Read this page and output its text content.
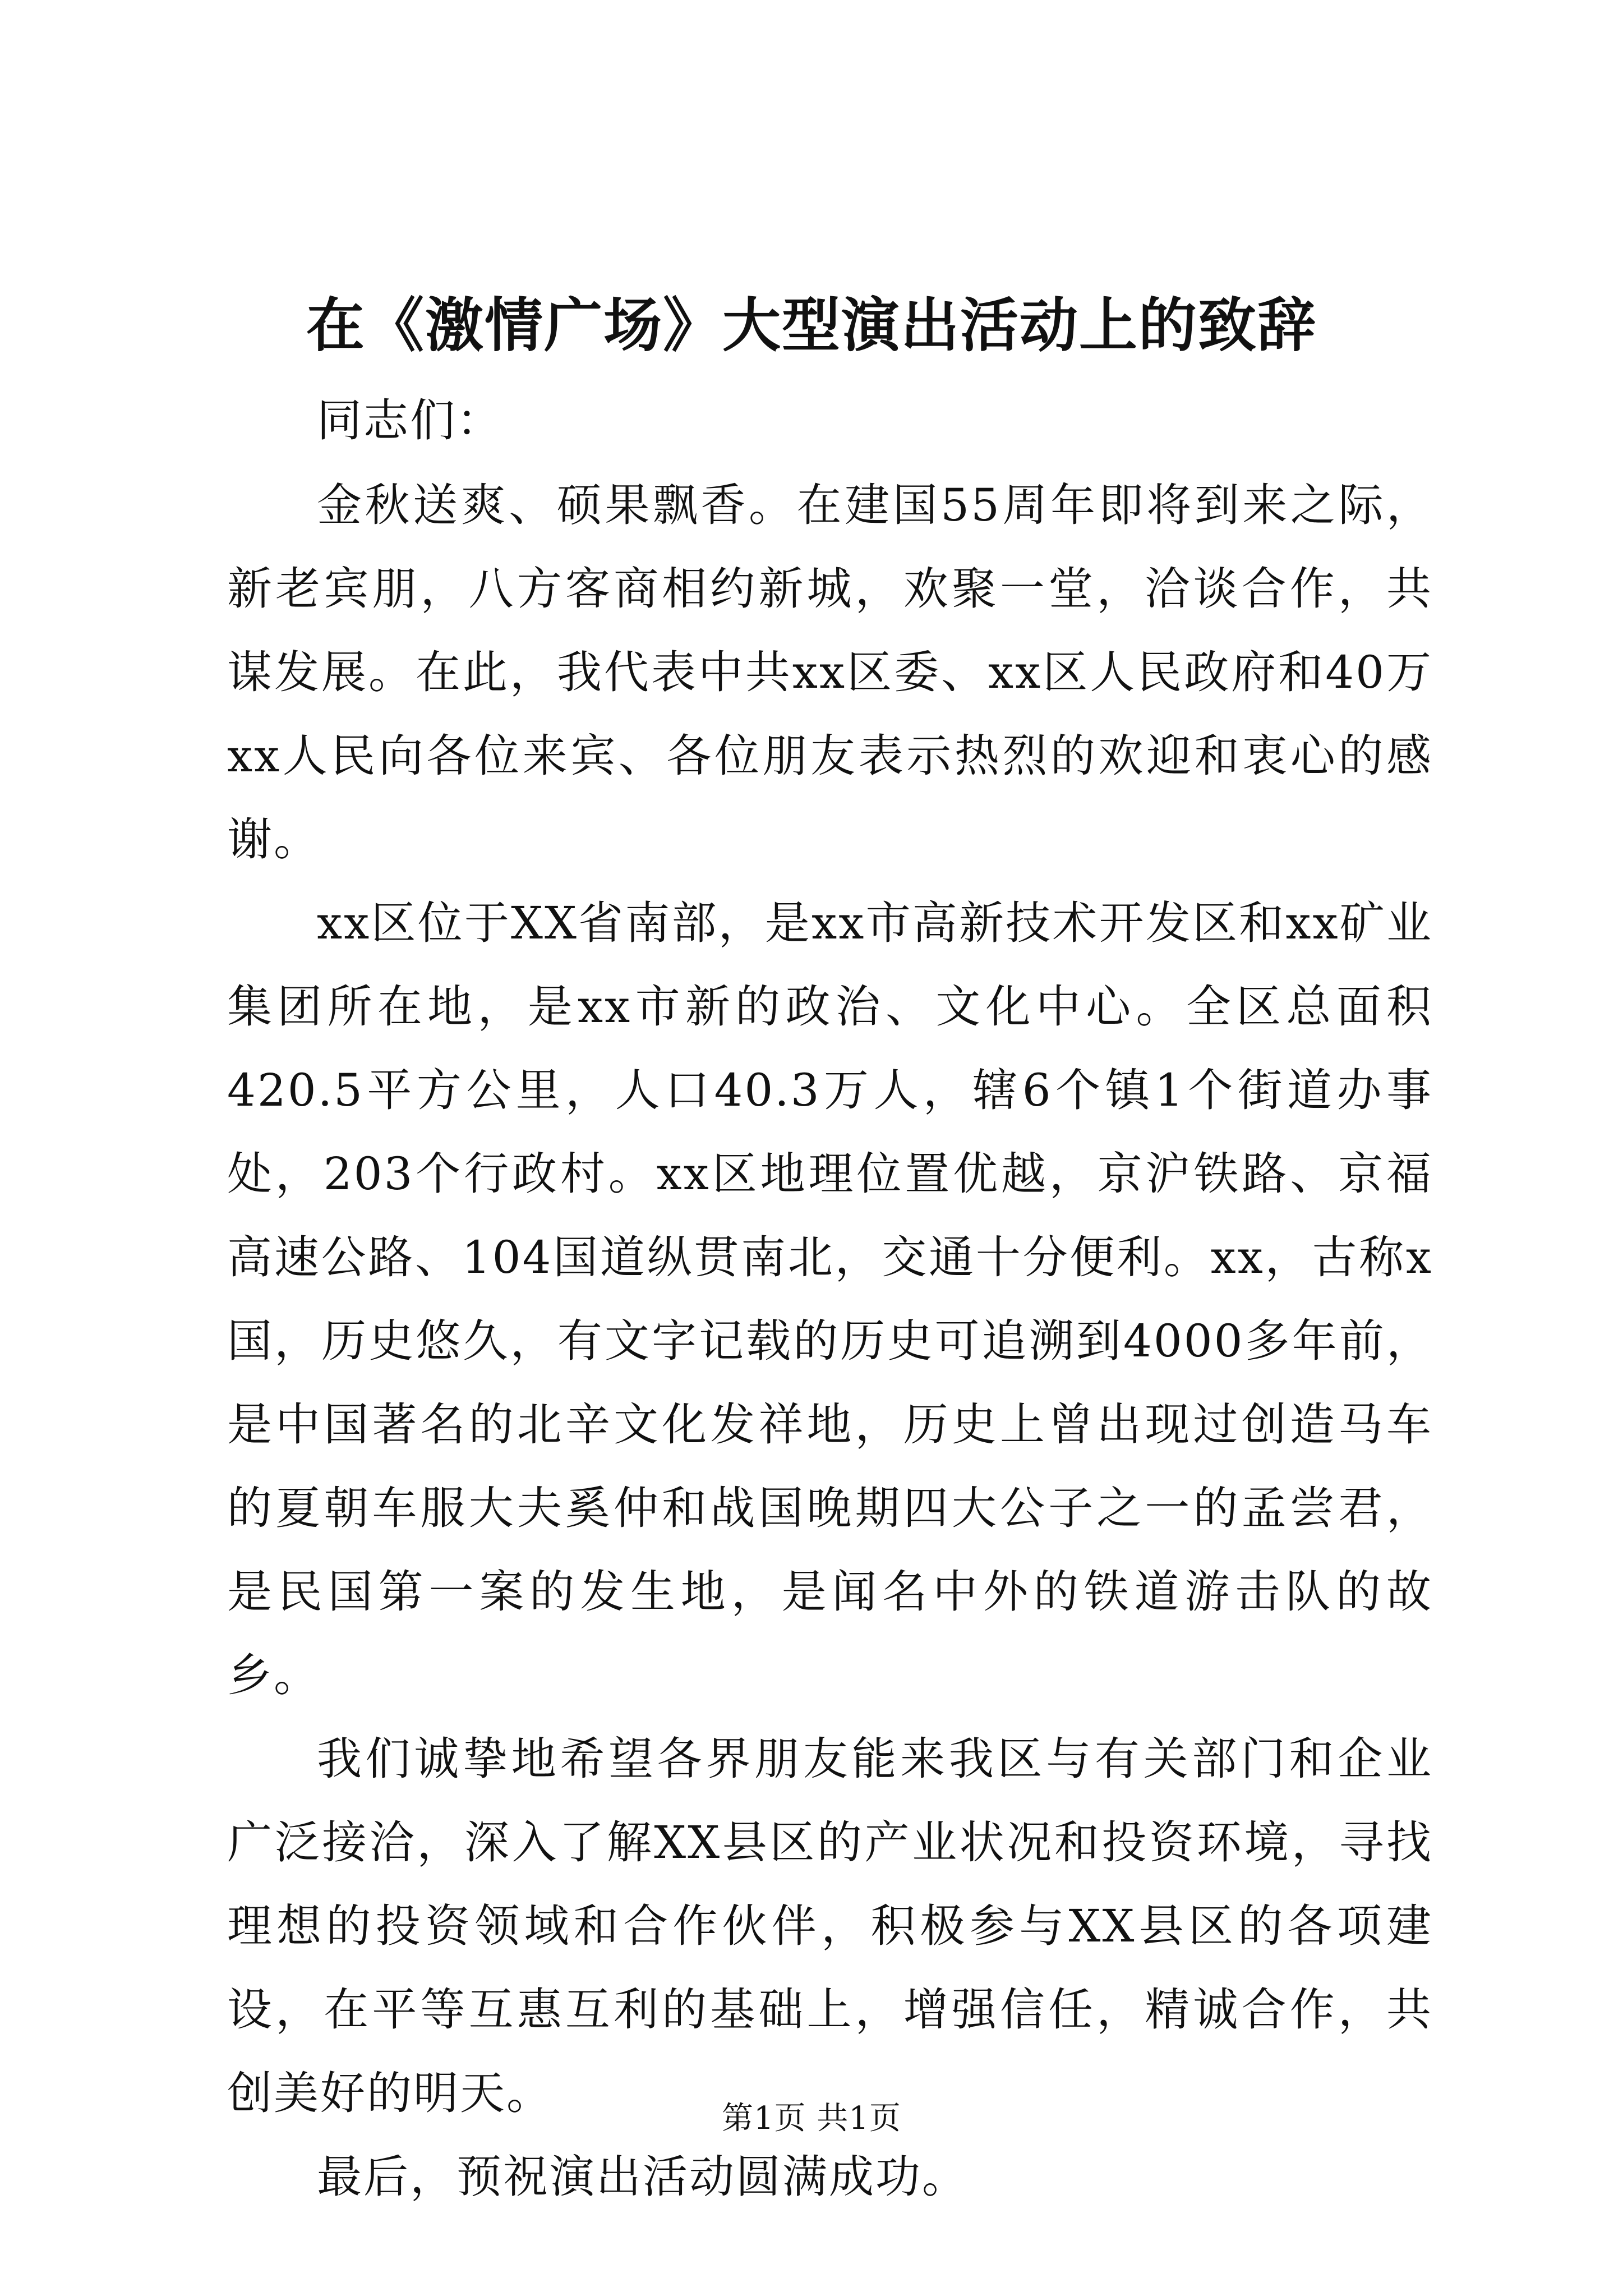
在《激情广场》大型演出活动上的致辞

同志们：

金秋送爽、硕果飘香。在建国55周年即将到来之际，新老宾朋，八方客商相约新城，欢聚一堂，洽谈合作，共谋发展。在此，我代表中共xx区委、xx区人民政府和40万xx人民向各位来宾、各位朋友表示热烈的欢迎和衷心的感谢。

xx区位于XX省南部，是xx市高新技术开发区和xx矿业集团所在地，是xx市新的政治、文化中心。全区总面积420.5平方公里，人口40.3万人，辖6个镇1个街道办事处，203个行政村。xx区地理位置优越，京沪铁路、京福高速公路、104国道纵贯南北，交通十分便利。xx，古称x国，历史悠久，有文字记载的历史可追溯到4000多年前，是中国著名的北辛文化发祥地，历史上曾出现过创造马车的夏朝车服大夫奚仲和战国晚期四大公子之一的孟尝君，是民国第一案的发生地，是闻名中外的铁道游击队的故乡。

我们诚挚地希望各界朋友能来我区与有关部门和企业广泛接洽，深入了解XX县区的产业状况和投资环境，寻找理想的投资领域和合作伙伴，积极参与XX县区的各项建设，在平等互惠互利的基础上，增强信任，精诚合作，共创美好的明天。

最后，预祝演出活动圆满成功。

第1页 共1页
